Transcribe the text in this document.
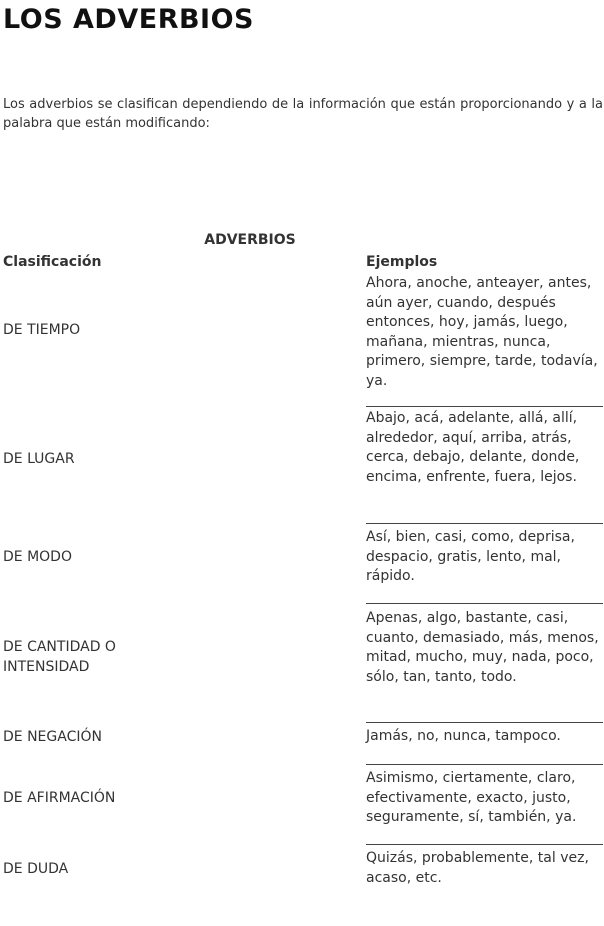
LOS ADVERBIOS

Los adverbios se clasifican dependiendo de la información que están proporcionando y a la palabra que están modificando:

ADVERBIOS
Clasificación	Ejemplos
DE TIEMPO

Ahora, anoche, anteayer, antes, aún ayer, cuando, después entonces, hoy, jamás, luego, mañana, mientras, nunca, primero, siempre, tarde, todavía, ya.

DE LUGAR

Abajo, acá, adelante, allá, allí, alrededor, aquí, arriba, atrás, cerca, debajo, delante, donde, encima, enfrente, fuera, lejos.

DE MODO

Así, bien, casi, como, deprisa, despacio, gratis, lento, mal, rápido.

DE CANTIDAD O INTENSIDAD

Apenas, algo, bastante, casi, cuanto, demasiado, más, menos, mitad, mucho, muy, nada, poco, sólo, tan, tanto, todo.

DE NEGACIÓN	Jamás, no, nunca, tampoco.

DE AFIRMACIÓN

Asimismo, ciertamente, claro, efectivamente, exacto, justo, seguramente, sí, también, ya.

DE DUDA

Quizás, probablemente, tal vez, acaso, etc.
